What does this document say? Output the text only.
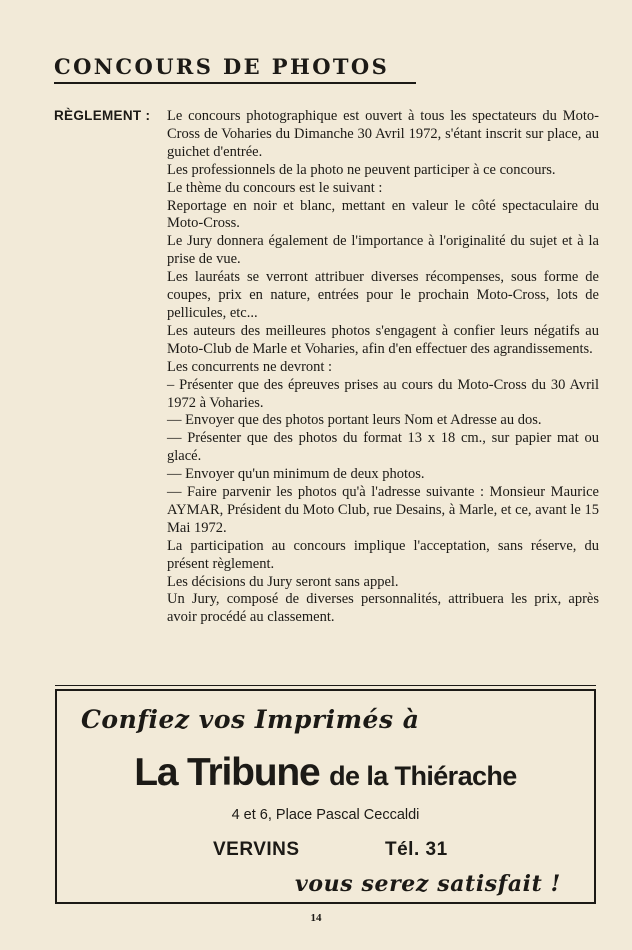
CONCOURS DE PHOTOS
RÈGLEMENT : Le concours photographique est ouvert à tous les spectateurs du Moto-Cross de Voharies du Dimanche 30 Avril 1972, s'étant inscrit sur place, au guichet d'entrée.

Les professionnels de la photo ne peuvent participer à ce concours.

Le thème du concours est le suivant :

Reportage en noir et blanc, mettant en valeur le côté spectaculaire du Moto-Cross.

Le Jury donnera également de l'importance à l'originalité du sujet et à la prise de vue.

Les lauréats se verront attribuer diverses récompenses, sous forme de coupes, prix en nature, entrées pour le prochain Moto-Cross, lots de pellicules, etc...

Les auteurs des meilleures photos s'engagent à confier leurs négatifs au Moto-Club de Marle et Voharies, afin d'en effectuer des agrandissements.

Les concurrents ne devront :

– Présenter que des épreuves prises au cours du Moto-Cross du 30 Avril 1972 à Voharies.

— Envoyer que des photos portant leurs Nom et Adresse au dos.

— Présenter que des photos du format 13 x 18 cm., sur papier mat ou glacé.

— Envoyer qu'un minimum de deux photos.

— Faire parvenir les photos qu'à l'adresse suivante : Monsieur Maurice AYMAR, Président du Moto Club, rue Desains, à Marle, et ce, avant le 15 Mai 1972.

La participation au concours implique l'acceptation, sans réserve, du présent règlement.

Les décisions du Jury seront sans appel.

Un Jury, composé de diverses personnalités, attribuera les prix, après avoir procédé au classement.

Confiez vos Imprimés à
La Tribune de la Thiérache
4 et 6, Place Pascal Ceccaldi
VERVINS	Tél. 31
vous serez satisfait !
14
